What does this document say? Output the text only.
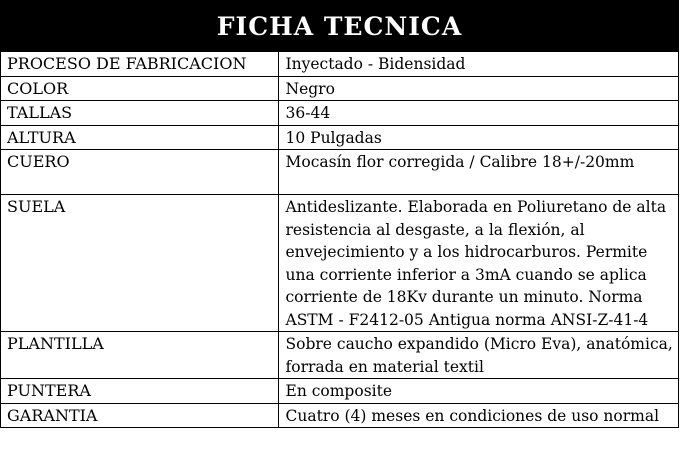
FICHA TECNICA
PROCESO DE FABRICACION	Inyectado - Bidensidad
COLOR	Negro
TALLAS	36-44
ALTURA	10 Pulgadas
CUERO	Mocasín flor corregida / Calibre 18+/-20mm
SUELA	Antideslizante. Elaborada en Poliuretano de alta resistencia al desgaste, a la flexión, al envejecimiento y a los hidrocarburos. Permite una corriente inferior a 3mA cuando se aplica corriente de 18Kv durante un minuto. Norma ASTM - F2412-05 Antigua norma ANSI-Z-41-4
PLANTILLA	Sobre caucho expandido (Micro Eva), anatómica, forrada en material textil
PUNTERA	En composite
GARANTIA	Cuatro (4) meses en condiciones de uso normal
